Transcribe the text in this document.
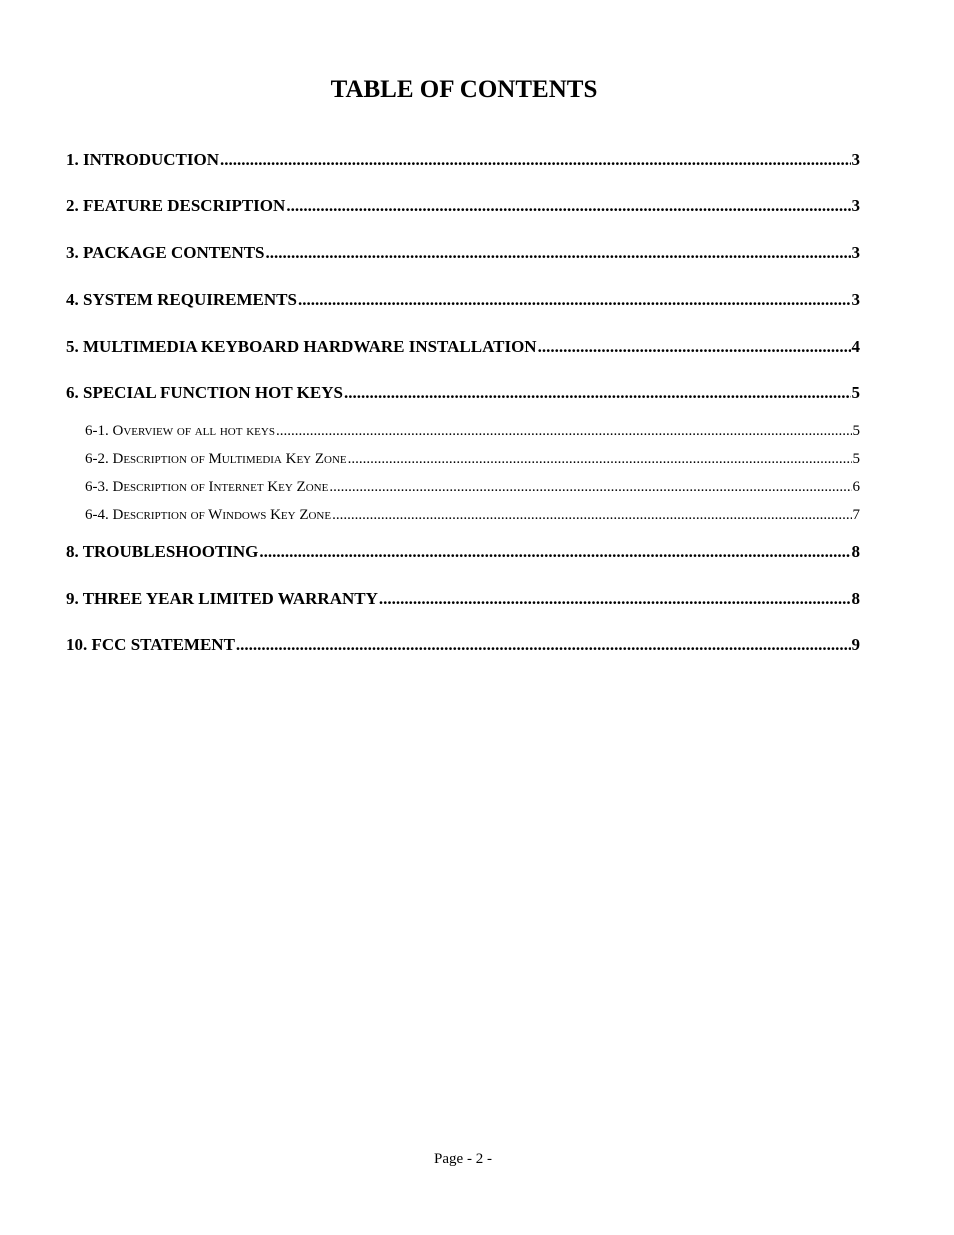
TABLE OF CONTENTS
1. INTRODUCTION .....	3
2. FEATURE DESCRIPTION .....	3
3. PACKAGE CONTENTS .....	3
4. SYSTEM REQUIREMENTS .....	3
5. MULTIMEDIA KEYBOARD HARDWARE INSTALLATION .....	4
6. SPECIAL FUNCTION HOT KEYS .....	5
6-1. Overview of all hot keys .....	5
6-2. Description of Multimedia Key Zone .....	5
6-3. Description of Internet Key Zone .....	6
6-4. Description of Windows Key Zone .....	7
8. TROUBLESHOOTING .....	8
9. THREE YEAR LIMITED WARRANTY .....	8
10. FCC STATEMENT .....	9
Page - 2 -
